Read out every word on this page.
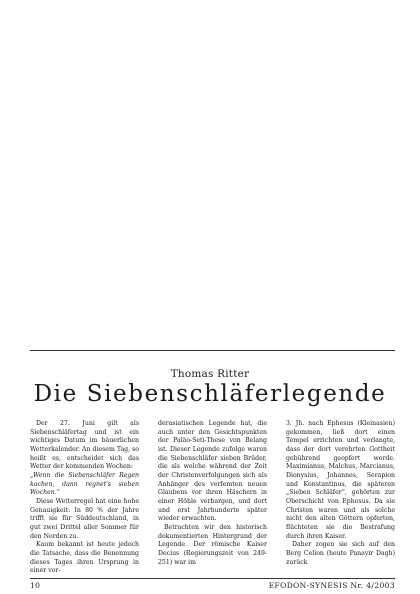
Thomas Ritter
Die Siebenschläferlegende

Der 27. Juni gilt als Siebenschläfertag und ist ein wichtiges Datum im bäuerlichen Wetterkalender. An diesem Tag, so heißt es, entscheidet sich das Wetter der kommenden Wochen:

„Wenn die Siebenschläfer Regen kochen, dann regnet's sieben Wochen.“

Diese Wetterregel hat eine hohe Genauigkeit: In 80 % der Jahre trifft sie für Süddeutschland, in gut zwei Drittel aller Sommer für den Norden zu.

Kaum bekannt ist heute jedoch die Tatsache, dass die Benennung dieses Tages ihren Ursprung in einer vor-

derasiatischen Legende hat, die auch unter den Gesichtspunkten der Paläo-Seti-These von Belang ist. Dieser Legende zufolge waren die Siebenschläfer sieben Brüder, die als welche während der Zeit der Christenverfolgungen sich als Anhänger des verfemten neuen Glaubens vor ihren Häschern in einer Höhle verbargen, und dort und erst Jahrhunderte später wieder erwachten.

Betrachten wir den historisch dokumentierten Hintergrund der Legende. Der römische Kaiser Decius (Regierungszeit von 249-251) war im

3. Jh. nach Ephesus (Kleinasien) gekommen, ließ dort einen Tempel errichten und verlangte, dass der dort verehrten Gottheit gebührend geopfert werde. Maximianus, Malchus, Marcianus, Dionysius, Johannes, Serapion und Konstantinus, die späteren „Sieben Schläfer“, gehörten zur Oberschicht von Ephesus. Da sie Christen waren und als solche nicht den alten Göttern opferten, flüchteten sie die Bestrafung durch ihren Kaiser.

Daher zogen sie sich auf den Berg Celion (heute Panayir Dagh) zurück

10	EFODON-SYNESIS Nr. 4/2003
